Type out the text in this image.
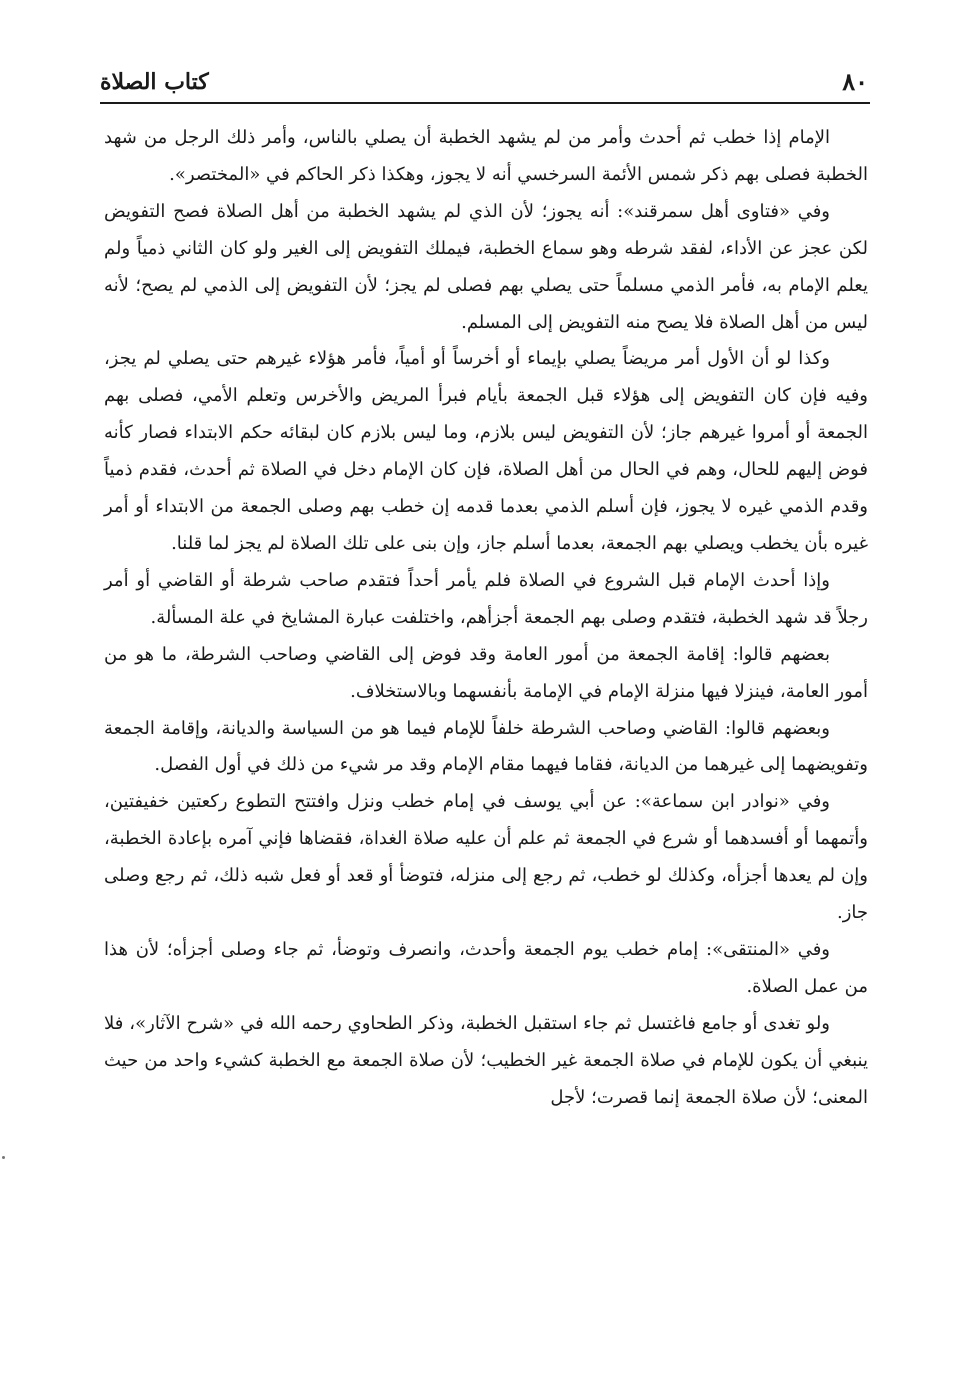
٨٠
كتاب الصلاة

الإمام إذا خطب ثم أحدث وأمر من لم يشهد الخطبة أن يصلي بالناس، وأمر ذلك الرجل من شهد الخطبة فصلى بهم ذكر شمس الأئمة السرخسي أنه لا يجوز، وهكذا ذكر الحاكم في «المختصر».

وفي «فتاوى أهل سمرقند»: أنه يجوز؛ لأن الذي لم يشهد الخطبة من أهل الصلاة فصح التفويض لكن عجز عن الأداء، لفقد شرطه وهو سماع الخطبة، فيملك التفويض إلى الغير ولو كان الثاني ذمياً ولم يعلم الإمام به، فأمر الذمي مسلماً حتى يصلي بهم فصلى لم يجز؛ لأن التفويض إلى الذمي لم يصح؛ لأنه ليس من أهل الصلاة فلا يصح منه التفويض إلى المسلم.

وكذا لو أن الأول أمر مريضاً يصلي بإيماء أو أخرساً أو أمياً، فأمر هؤلاء غيرهم حتى يصلي لم يجز، وفيه فإن كان التفويض إلى هؤلاء قبل الجمعة بأيام فبرأ المريض والأخرس وتعلم الأمي، فصلى بهم الجمعة أو أمروا غيرهم جاز؛ لأن التفويض ليس بلازم، وما ليس بلازم كان لبقائه حكم الابتداء فصار كأنه فوض إليهم للحال، وهم في الحال من أهل الصلاة، فإن كان الإمام دخل في الصلاة ثم أحدث، فقدم ذمياً وقدم الذمي غيره لا يجوز، فإن أسلم الذمي بعدما قدمه إن خطب بهم وصلى الجمعة من الابتداء أو أمر غيره بأن يخطب ويصلي بهم الجمعة، بعدما أسلم جاز، وإن بنى على تلك الصلاة لم يجز لما قلنا.

وإذا أحدث الإمام قبل الشروع في الصلاة فلم يأمر أحداً فتقدم صاحب شرطة أو القاضي أو أمر رجلاً قد شهد الخطبة، فتقدم وصلى بهم الجمعة أجزأهم، واختلفت عبارة المشايخ في علة المسألة.

بعضهم قالوا: إقامة الجمعة من أمور العامة وقد فوض إلى القاضي وصاحب الشرطة، ما هو من أمور العامة، فينزلا فيها منزلة الإمام في الإمامة بأنفسهما وبالاستخلاف.

وبعضهم قالوا: القاضي وصاحب الشرطة خلفاً للإمام فيما هو من السياسة والديانة، وإقامة الجمعة وتفويضهما إلى غيرهما من الديانة، فقاما فيهما مقام الإمام وقد مر شيء من ذلك في أول الفصل.

وفي «نوادر ابن سماعة»: عن أبي يوسف في إمام خطب ونزل وافتتح التطوع ركعتين خفيفتين، وأتمهما أو أفسدهما أو شرع في الجمعة ثم علم أن عليه صلاة الغداة، فقضاها فإني آمره بإعادة الخطبة، وإن لم يعدها أجزأه، وكذلك لو خطب، ثم رجع إلى منزله، فتوضأ أو قعد أو فعل شبه ذلك، ثم رجع وصلى جاز.

وفي «المنتقى»: إمام خطب يوم الجمعة وأحدث، وانصرف وتوضأ، ثم جاء وصلى أجزأه؛ لأن هذا من عمل الصلاة.

ولو تغدى أو جامع فاغتسل ثم جاء استقبل الخطبة، وذكر الطحاوي رحمه الله في «شرح الآثار»، فلا ينبغي أن يكون للإمام في صلاة الجمعة غير الخطيب؛ لأن صلاة الجمعة مع الخطبة كشيء واحد من حيث المعنى؛ لأن صلاة الجمعة إنما قصرت؛ لأجل
